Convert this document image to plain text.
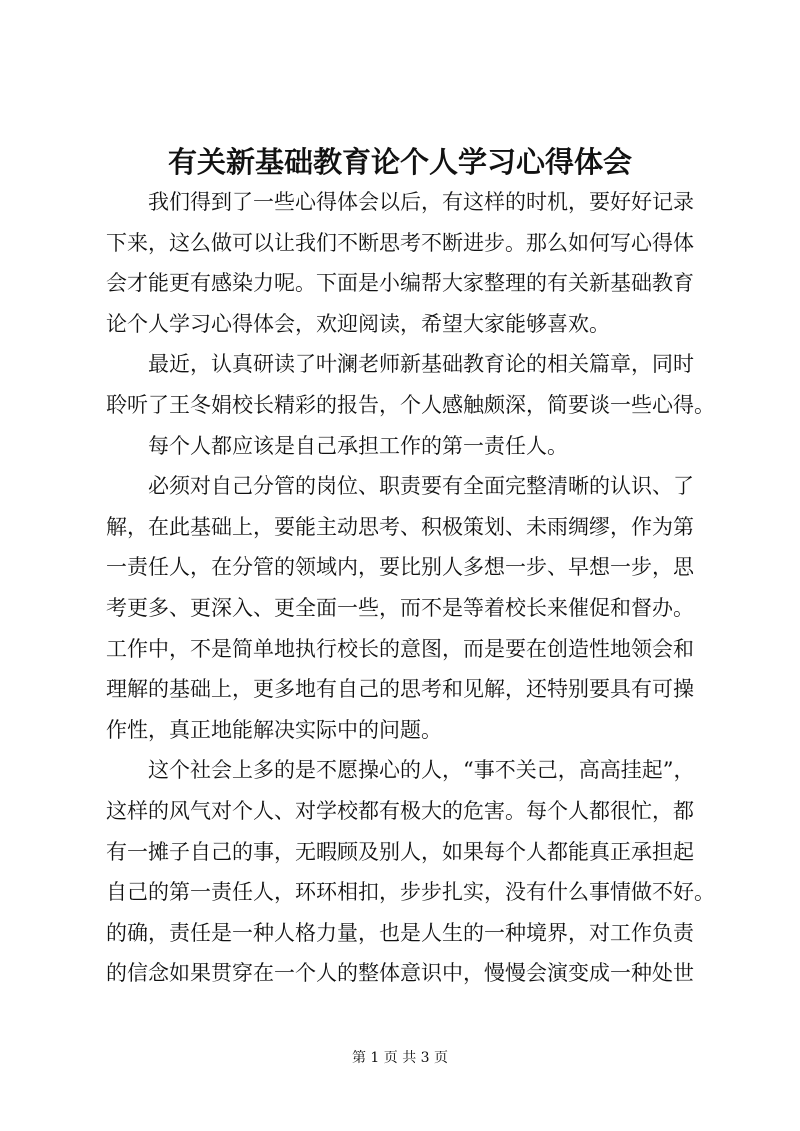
有关新基础教育论个人学习心得体会
我们得到了一些心得体会以后，有这样的时机，要好好记录
下来，这么做可以让我们不断思考不断进步。那么如何写心得体
会才能更有感染力呢。下面是小编帮大家整理的有关新基础教育
论个人学习心得体会，欢迎阅读，希望大家能够喜欢。
最近，认真研读了叶澜老师新基础教育论的相关篇章，同时
聆听了王冬娟校长精彩的报告，个人感触颇深，简要谈一些心得。
每个人都应该是自己承担工作的第一责任人。
必须对自己分管的岗位、职责要有全面完整清晰的认识、了
解，在此基础上，要能主动思考、积极策划、未雨绸缪，作为第
一责任人，在分管的领域内，要比别人多想一步、早想一步，思
考更多、更深入、更全面一些，而不是等着校长来催促和督办。
工作中，不是简单地执行校长的意图，而是要在创造性地领会和
理解的基础上，更多地有自己的思考和见解，还特别要具有可操
作性，真正地能解决实际中的问题。
这个社会上多的是不愿操心的人，“事不关己，高高挂起”，
这样的风气对个人、对学校都有极大的危害。每个人都很忙，都
有一摊子自己的事，无暇顾及别人，如果每个人都能真正承担起
自己的第一责任人，环环相扣，步步扎实，没有什么事情做不好。
的确，责任是一种人格力量，也是人生的一种境界，对工作负责
的信念如果贯穿在一个人的整体意识中，慢慢会演变成一种处世
第 1 页 共 3 页
